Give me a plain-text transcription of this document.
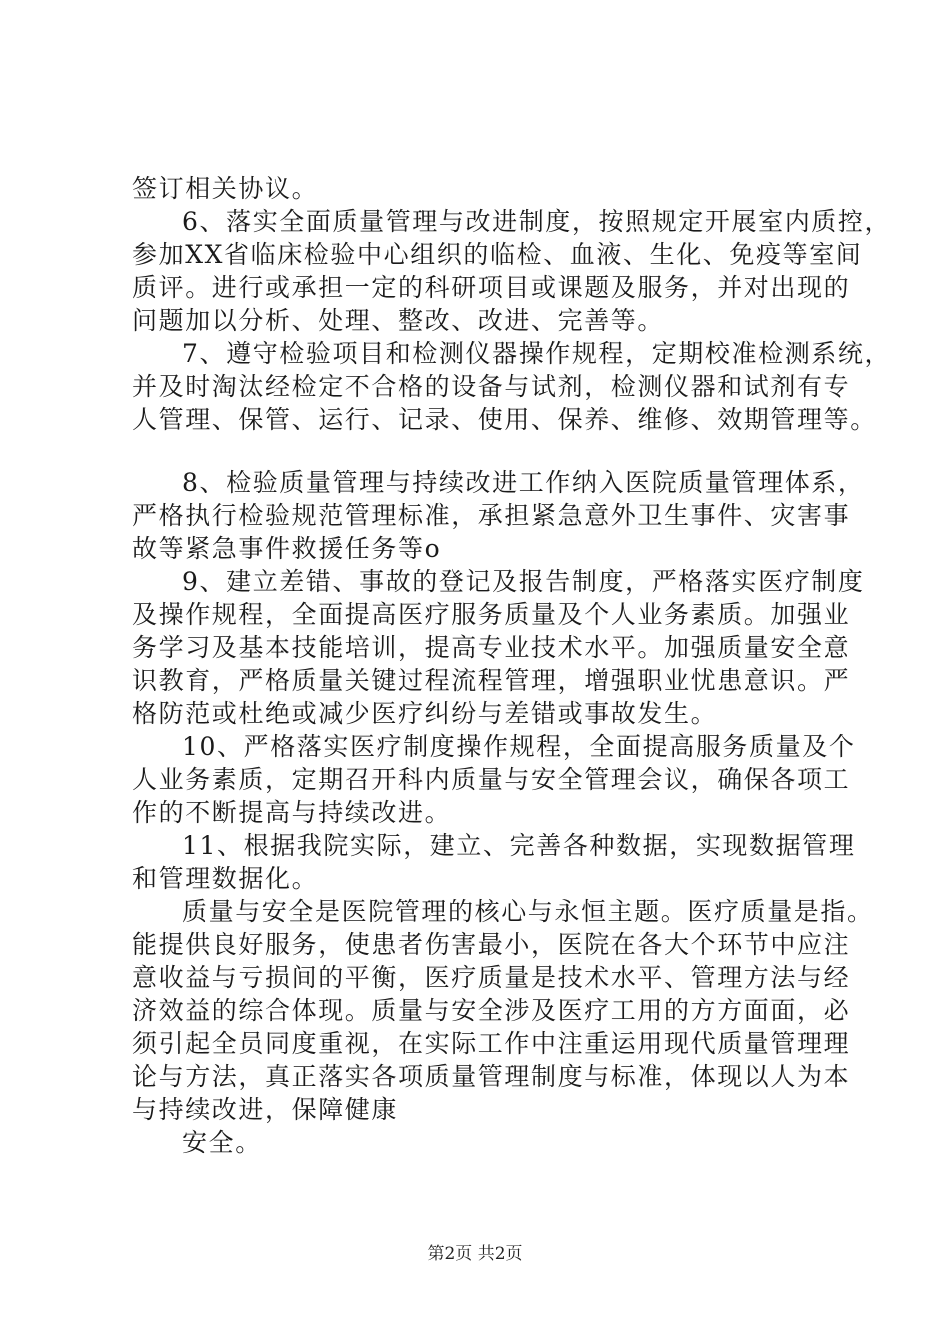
签订相关协议。
6、落实全面质量管理与改进制度，按照规定开展室内质控，
参加XX省临床检验中心组织的临检、血液、生化、免疫等室间
质评。进行或承担一定的科研项目或课题及服务，并对出现的
问题加以分析、处理、整改、改进、完善等。
7、遵守检验项目和检测仪器操作规程，定期校准检测系统，
并及时淘汰经检定不合格的设备与试剂，检测仪器和试剂有专
人管理、保管、运行、记录、使用、保养、维修、效期管理等。
8、检验质量管理与持续改进工作纳入医院质量管理体系，
严格执行检验规范管理标准，承担紧急意外卫生事件、灾害事
故等紧急事件救援任务等o
9、建立差错、事故的登记及报告制度，严格落实医疗制度
及操作规程，全面提高医疗服务质量及个人业务素质。加强业
务学习及基本技能培训，提高专业技术水平。加强质量安全意
识教育，严格质量关键过程流程管理，增强职业忧患意识。严
格防范或杜绝或减少医疗纠纷与差错或事故发生。
10、严格落实医疗制度操作规程，全面提高服务质量及个
人业务素质，定期召开科内质量与安全管理会议，确保各项工
作的不断提高与持续改进。
11、根据我院实际，建立、完善各种数据，实现数据管理
和管理数据化。
质量与安全是医院管理的核心与永恒主题。医疗质量是指。
能提供良好服务，使患者伤害最小，医院在各大个环节中应注
意收益与亏损间的平衡，医疗质量是技术水平、管理方法与经
济效益的综合体现。质量与安全涉及医疗工用的方方面面，必
须引起全员同度重视，在实际工作中注重运用现代质量管理理
论与方法，真正落实各项质量管理制度与标准，体现以人为本
与持续改进，保障健康
安全。
第2页 共2页
